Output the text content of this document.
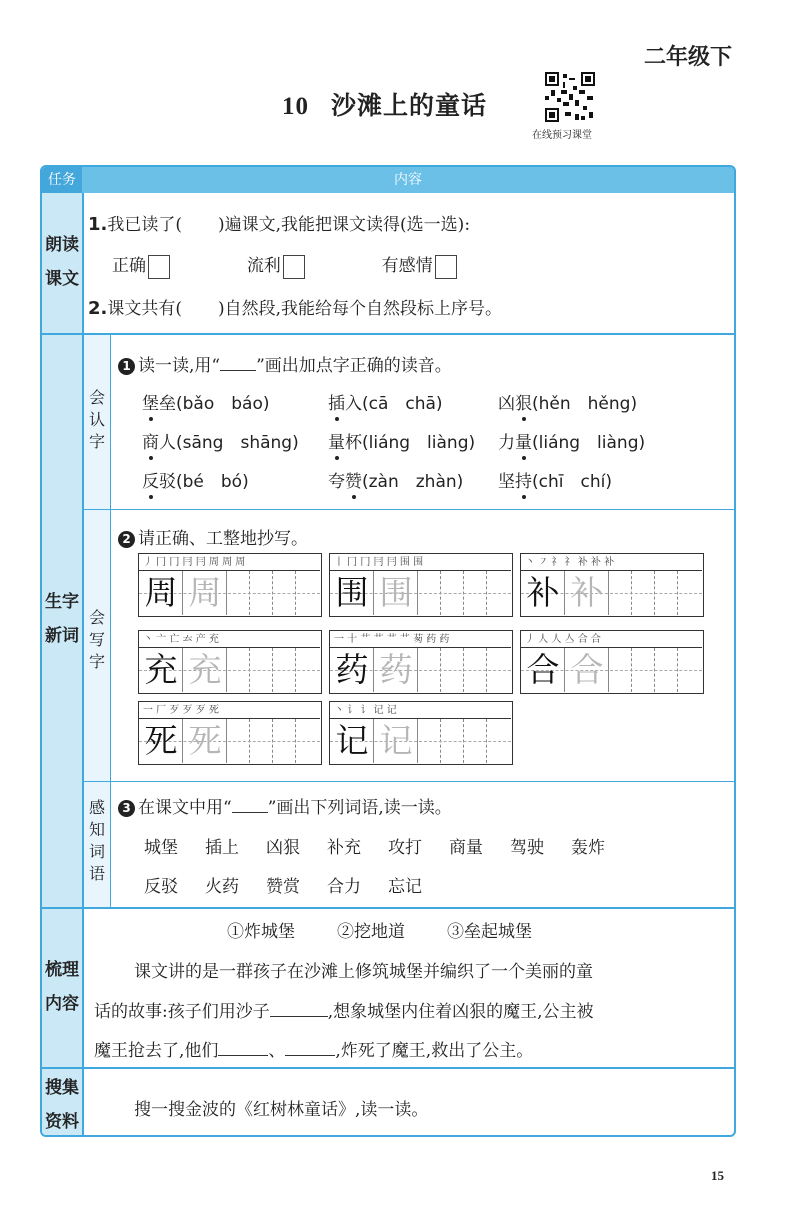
二年级下
10 沙滩上的童话
在线预习课堂
任务	内容
朗读
课文
1.我已读了( )遍课文,我能把课文读得(选一选):
正确	流利	有感情
2.课文共有( )自然段,我能给每个自然段标上序号。
生字
新词
会
认
字
1 读一读,用“ ”画出加点字正确的读音。
堡垒(bǎo báo)	插入(cā chā)	凶狠(hěn hěng)
商人(sāng shāng) 量杯(liáng liàng) 力量(liáng liàng)
反驳(bé bó)	夸赞(zàn zhàn) 坚持(chī chí)
会
写
字
2 请正确、工整地抄写。
丿 冂 冂 冃 冃 周 周 周
周 周
丨 冂 冂 冃 冃 围 围
围 围
丶 ㇇ 礻 礻 补 补 补
补 补
丶 亠 亡 𠫓 产 充
充 充
一 十 艹 艹 艹 艹 茐 药 药
药 药
丿 人 人 亼 合 合
合 合
一 厂 歹 歹 歹 死
死 死
丶 讠 讠 记 记
记 记
感
知
词
语
3 在课文中用“ ”画出下列词语,读一读。
城堡 插上 凶狠 补充 攻打 商量 驾驶 轰炸
反驳 火药 赞赏 合力 忘记
梳理
内容
①炸城堡 ②挖地道 ③垒起城堡
课文讲的是一群孩子在沙滩上修筑城堡并编织了一个美丽的童
话的故事:孩子们用沙子	,想象城堡内住着凶狠的魔王,公主被
魔王抢去了,他们	、	,炸死了魔王,救出了公主。
搜集
资料
搜一搜金波的《红树林童话》,读一读。
15
